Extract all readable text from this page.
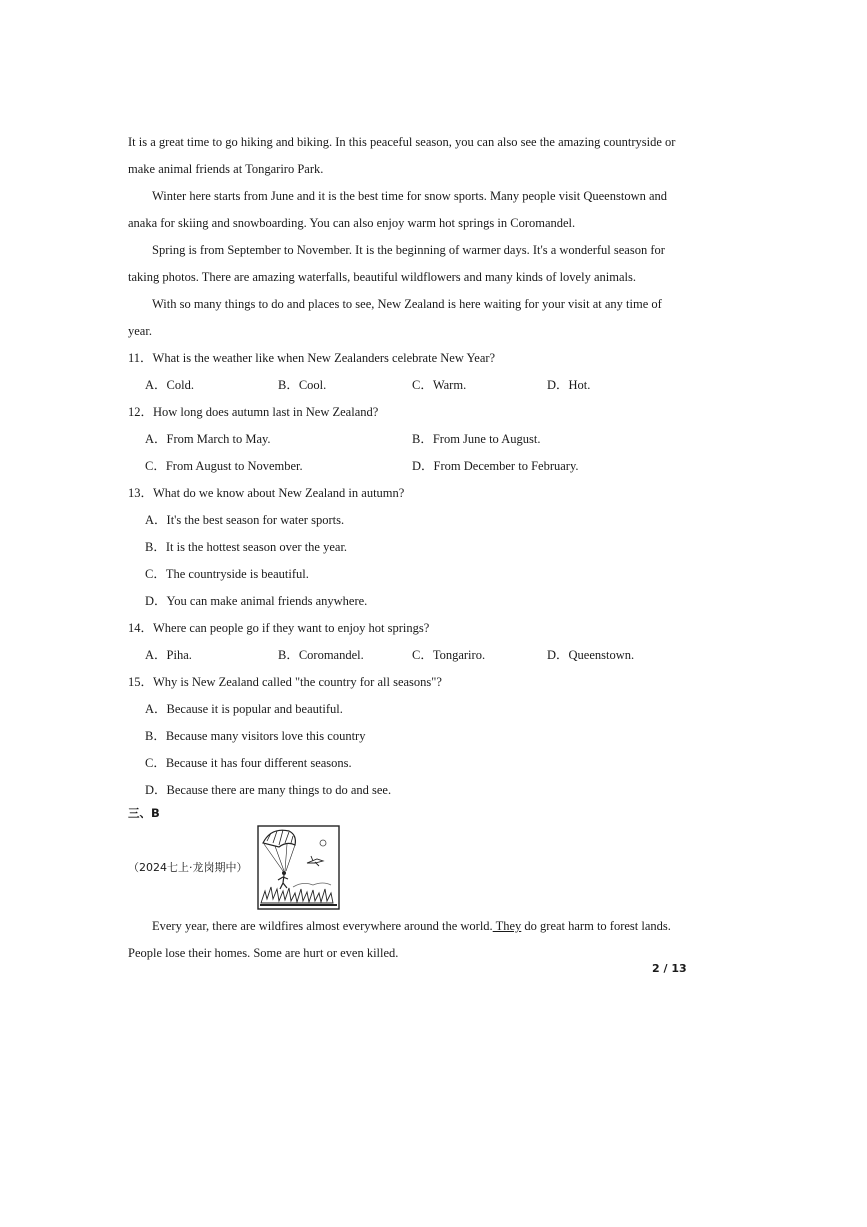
It is a great time to go hiking and biking. In this peaceful season, you can also see the amazing countryside or
make animal friends at Tongariro Park.
Winter here starts from June and it is the best time for snow sports. Many people visit Queenstown and
anaka for skiing and snowboarding. You can also enjoy warm hot springs in Coromandel.
Spring is from September to November. It is the beginning of warmer days. It's a wonderful season for
taking photos. There are amazing waterfalls, beautiful wildflowers and many kinds of lovely animals.
With so many things to do and places to see, New Zealand is here waiting for your visit at any time of
year.
11．What is the weather like when New Zealanders celebrate New Year?
A．Cold.	B．Cool.	C．Warm.	D．Hot.
12．How long does autumn last in New Zealand?
A．From March to May.	B．From June to August.
C．From August to November.	D．From December to February.
13．What do we know about New Zealand in autumn?
A．It's the best season for water sports.
B．It is the hottest season over the year.
C．The countryside is beautiful.
D．You can make animal friends anywhere.
14．Where can people go if they want to enjoy hot springs?
A．Piha.	B．Coromandel.	C．Tongariro.	D．Queenstown.
15．Why is New Zealand called "the country for all seasons"?
A．Because it is popular and beautiful.
B．Because many visitors love this country
C．Because it has four different seasons.
D．Because there are many things to do and see.
三、B
（2024七上·龙岗期中）
Every year, there are wildfires almost everywhere around the world. They do great harm to forest lands.
People lose their homes. Some are hurt or even killed.
2 / 13
